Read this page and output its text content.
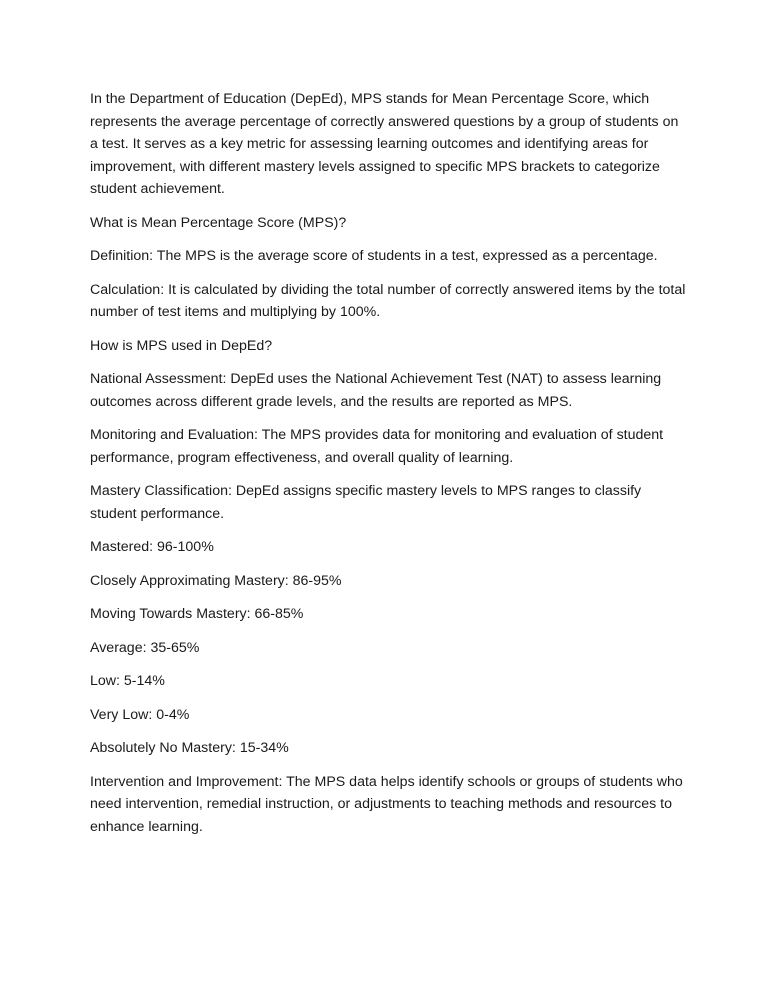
In the Department of Education (DepEd), MPS stands for Mean Percentage Score, which represents the average percentage of correctly answered questions by a group of students on a test. It serves as a key metric for assessing learning outcomes and identifying areas for improvement, with different mastery levels assigned to specific MPS brackets to categorize student achievement.

What is Mean Percentage Score (MPS)?

Definition: The MPS is the average score of students in a test, expressed as a percentage.

Calculation: It is calculated by dividing the total number of correctly answered items by the total number of test items and multiplying by 100%.

How is MPS used in DepEd?

National Assessment: DepEd uses the National Achievement Test (NAT) to assess learning outcomes across different grade levels, and the results are reported as MPS.

Monitoring and Evaluation: The MPS provides data for monitoring and evaluation of student performance, program effectiveness, and overall quality of learning.

Mastery Classification: DepEd assigns specific mastery levels to MPS ranges to classify student performance.

Mastered: 96-100%

Closely Approximating Mastery: 86-95%

Moving Towards Mastery: 66-85%

Average: 35-65%

Low: 5-14%

Very Low: 0-4%

Absolutely No Mastery: 15-34%

Intervention and Improvement: The MPS data helps identify schools or groups of students who need intervention, remedial instruction, or adjustments to teaching methods and resources to enhance learning.
